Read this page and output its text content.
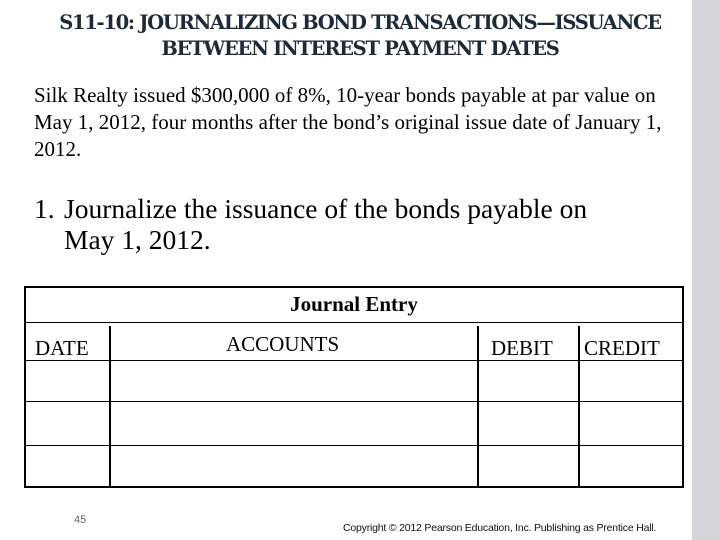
S11-10: JOURNALIZING BOND TRANSACTIONS—ISSUANCE
BETWEEN INTEREST PAYMENT DATES
Silk Realty issued $300,000 of 8%, 10-year bonds payable at par value on May 1, 2012, four months after the bond’s original issue date of January 1, 2012.
1. Journalize the issuance of the bonds payable on
May 1, 2012.
Journal Entry
DATE	ACCOUNTS	DEBIT CREDIT
45
Copyright © 2012 Pearson Education, Inc. Publishing as Prentice Hall.
